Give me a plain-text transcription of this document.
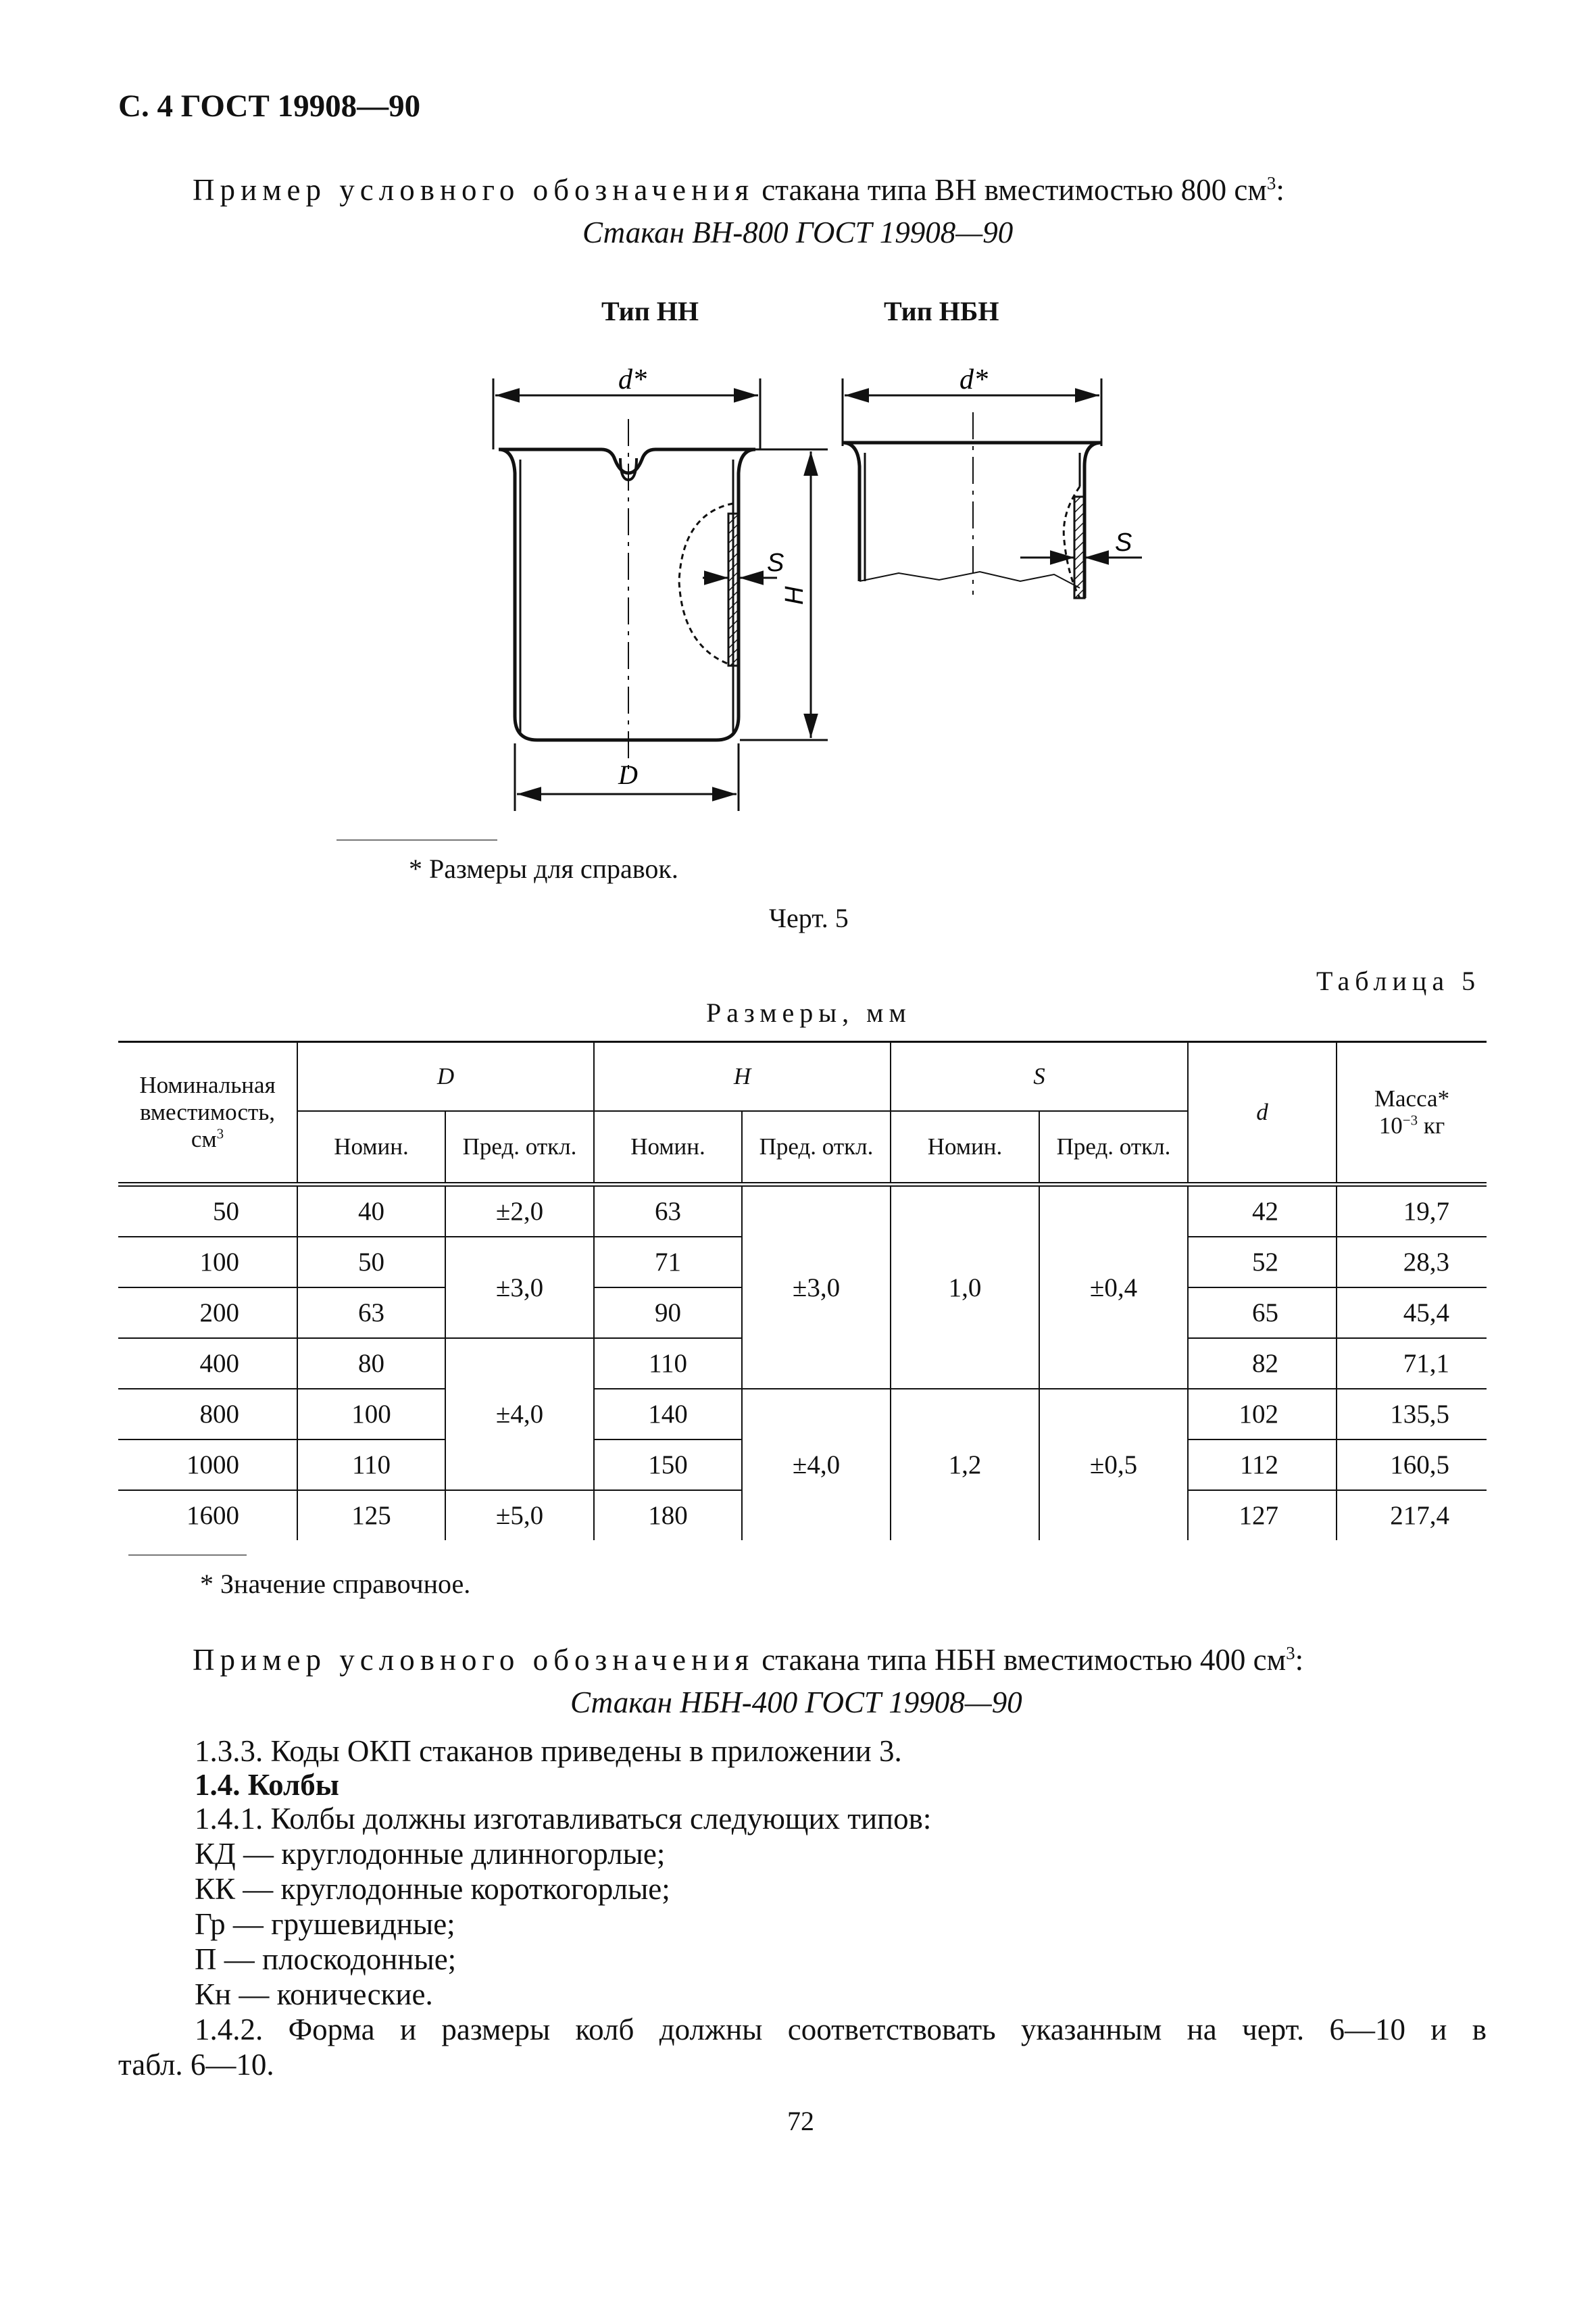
С. 4 ГОСТ 19908—90
Пример условного обозначения стакана типа ВН вместимостью 800 $см^3$:
Стакан ВН-800 ГОСТ 19908—90
Тип НН	Тип НБН
d*	d*
S
S
H
D
* Размеры для справок.
Черт. 5
Таблица 5
Размеры, мм
Номинальная
вместимость,
$см^3$	D		H		S		d	Масса*
$10^{-3}$ кг
	Номин.	Пред. откл.	Номин.	Пред. откл.	Номин.	Пред. откл.		
50	40	±2,0	63	±3,0	1,0	±0,4	42	19,7
100	50	±3,0	71				52	28,3
200	63		90				65	45,4
400	80	±4,0	110				82	71,1
800	100		140	±4,0	1,2	±0,5	102	135,5
1000	110		150				112	160,5
1600	125	±5,0	180				127	217,4
* Значение справочное.
Пример условного обозначения стакана типа НБН вместимостью 400 $см^3$:
Стакан НБН-400 ГОСТ 19908—90
1.3.3. Коды ОКП стаканов приведены в приложении 3.
1.4. Колбы
1.4.1. Колбы должны изготавливаться следующих типов:
КД — круглодонные длинногорлые;
КК — круглодонные короткогорлые;
Гр — грушевидные;
П — плоскодонные;
Кн — конические.
1.4.2. Форма и размеры колб должны соответствовать указанным на черт. 6—10 и в
табл. 6—10.
72
